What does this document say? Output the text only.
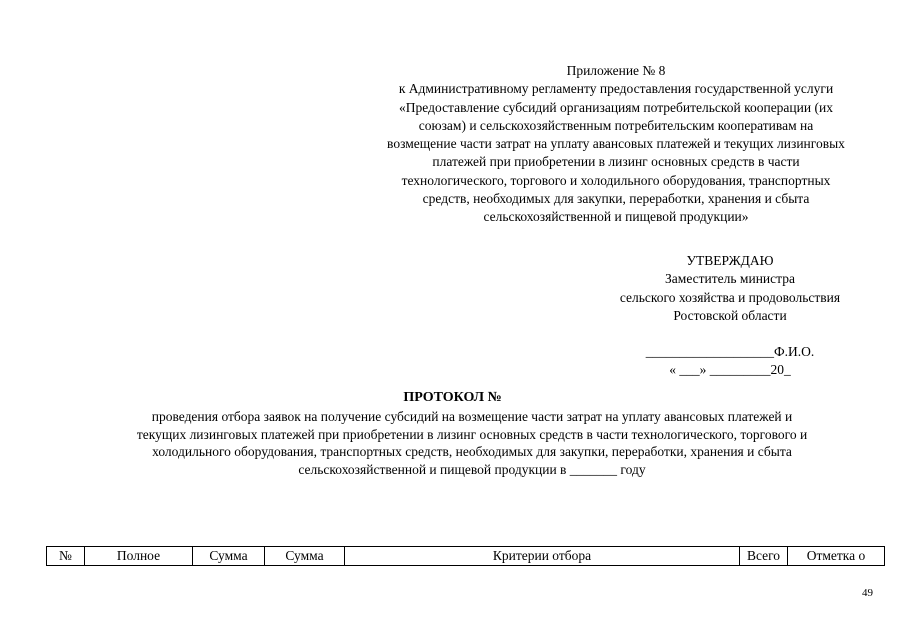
Приложение № 8
к Административному регламенту предоставления государственной услуги
«Предоставление субсидий организациям потребительской кооперации (их
союзам) и сельскохозяйственным потребительским кооперативам на
возмещение части затрат на уплату авансовых платежей и текущих лизинговых
платежей при приобретении в лизинг основных средств в части
технологического, торгового и холодильного оборудования, транспортных
средств, необходимых для закупки, переработки, хранения и сбыта
сельскохозяйственной и пищевой продукции»
УТВЕРЖДАЮ
Заместитель министра
сельского хозяйства и продовольствия
Ростовской области
___________________Ф.И.О.
« ___» _________20_
ПРОТОКОЛ №
проведения отбора заявок на получение субсидий на возмещение части затрат на уплату авансовых платежей и
текущих лизинговых платежей при приобретении в лизинг основных средств в части технологического, торгового и
холодильного оборудования, транспортных средств, необходимых для закупки, переработки, хранения и сбыта
сельскохозяйственной и пищевой продукции в _______ году
№	Полное	Сумма	Сумма	Критерии отбора	Всего	Отметка о
49
